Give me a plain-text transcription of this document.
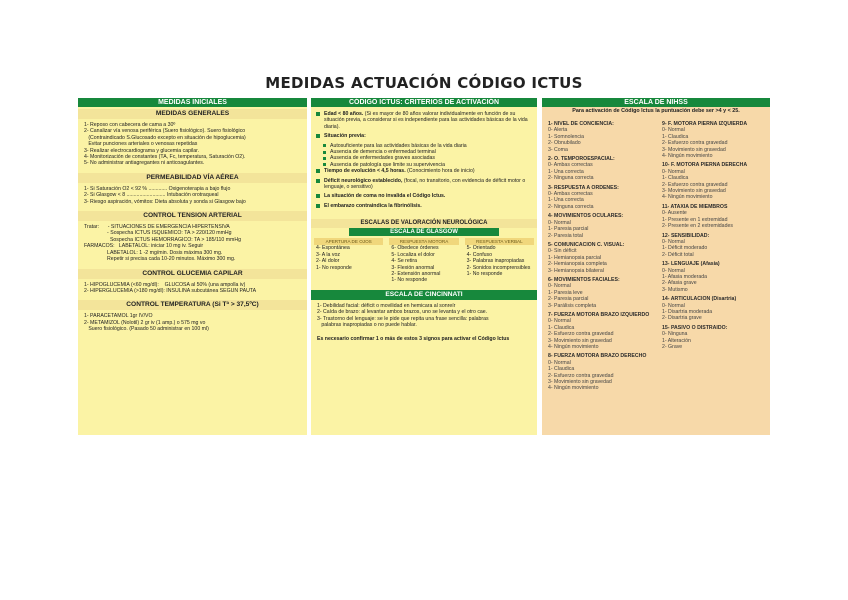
MEDIDAS ACTUACIÓN CÓDIGO ICTUS
MEDIDAS INICIALES
MEDIDAS GENERALES
1- Reposo con cabecera de cama a 30º
2- Canalizar vía venosa periférica (Suero fisiológico). Suero fisiológico
(Contraindicado S.Glucosado excepto en situación de hipoglucemia)
Evitar punciones arteriales o venosas repetidas
3- Realizar electrocardiograma y glucemia capilar.
4- Monitorización de constantes (TA, Fc, temperatura, Saturación O2).
5- No administrar antiagregantes ni anticoagulantes.
PERMEABILIDAD VÍA AÉREA
1- Si Saturación O2 < 92 % ............. Oxigenoterapia a bajo flujo
2- Si Glasgow < 8 ........................... Intubación orotraqueal
3- Riesgo aspiración, vómitos: Dieta absoluta y sonda si Glasgow bajo
CONTROL TENSION ARTERIAL
Tratar:      - SITUACIONES DE EMERGENCIA HIPERTENSIVA
- Sospecha ICTUS ISQUEMICO: TA > 220/120 mmHg
Sospecha ICTUS HEMORRAGICO: TA > 185/110 mmHg
FARMACOS:   LABETALOL: iniciar 10 mg iv. Seguir
LABETALOL: 1 -2 mg/min. Dosis máxima 300 mg.
Repetir si precisa cada 10-20 minutos. Máximo 300 mg.
CONTROL GLUCEMIA CAPILAR
1- HIPOGLUCEMIA (<60 mg/dl):    GLUCOSA al 50% (una ampolla iv)
2- HIPERGLUCEMIA (>180 mg/dl): INSULINA subcutánea SEGÚN PAUTA
CONTROL TEMPERATURA (Si Tª > 37,5ºC)
1- PARACETAMOL 1gr IV/VO
2- METAMIZOL (Nolotil) 2 gr iv (1 amp.) o 575 mg vo
Suero fisiológico. (Pasado 50 administrar en 100 ml)
CÓDIGO ICTUS: CRITERIOS DE ACTIVACIÓN
Edad < 80 años. (Si es mayor de 80 años valorar individualmente en función de su situación previa, a considerar si es independiente para las actividades básicas de la vida diaria).
Situación previa:
Autosuficiente para las actividades básicas de la vida diaria
Ausencia de demencia o enfermedad terminal
Ausencia de enfermedades graves asociadas
Ausencia de patología que limite su supervivencia
Tiempo de evolución < 4,5 horas. (Conocimiento hora de inicio)
Déficit neurológico establecido, (focal, no transitorio, con evidencia de déficit motor o lenguaje, o sensitivo)
La situación de coma no invalida el Código Ictus.
El embarazo contraindica la fibrinólisis.
ESCALAS DE VALORACIÓN NEUROLÓGICA
ESCALA DE GLASGOW
APERTURA DE OJOS
4- Espontánea
3- A la voz
2- Al dolor
1- No responde
RESPUESTA MOTORA
6- Obedece órdenes
5- Localiza el dolor
4- Se retira
3- Flexión anormal
2- Extensión anormal
1- No responde
RESPUESTA VERBAL
5- Orientado
4- Confuso
3- Palabras inapropiadas
2- Sonidos incomprensibles
1- No responde
ESCALA DE CINCINNATI
1- Debilidad facial: déficit o movilidad en hemicara al sonreír
2- Caída de brazo: al levantar ambos brazos, uno se levanta y el otro cae.
3- Trastorno del lenguaje: se le pide que repita una frase sencilla: palabras
palabras inapropiadas o no puede hablar.
Es necesario confirmar 1 o más de estos 3 signos para activar el Código Ictus
ESCALA DE NIHSS
Para activación de Código Ictus la puntuación debe ser >4 y < 25.
1- NIVEL DE CONCIENCIA:
0- Alerta
1- Somnolencia
2- Obnubilado
3- Coma
2- O. TEMPOROESPACIAL:
0- Ambas correctas
1- Una correcta
2- Ninguna correcta
3- RESPUESTA A ÓRDENES:
0- Ambas correctas
1- Una correcta
2- Ninguna correcta
4- MOVIMIENTOS OCULARES:
0- Normal
1- Paresia parcial
2- Paresia total
5- COMUNICACIÓN C. VISUAL:
0- Sin déficit
1- Hemianopsia parcial
2- Hemianopsia completa
3- Hemianopsia bilateral
6- MOVIMIENTOS FACIALES:
0- Normal
1- Paresia leve
2- Paresia parcial
3- Parálisis completa
7- FUERZA MOTORA BRAZO IZQUIERDO
0- Normal
1- Claudica
2- Esfuerzo contra gravedad
3- Movimiento sin gravedad
4- Ningún movimiento
8- FUERZA MOTORA BRAZO DERECHO
0- Normal
1- Claudica
2- Esfuerzo contra gravedad
3- Movimiento sin gravedad
4- Ningún movimiento
9- F. MOTORA PIERNA IZQUIERDA
0- Normal
1- Claudica
2- Esfuerzo contra gravedad
3- Movimiento sin gravedad
4- Ningún movimiento
10- F. MOTORA PIERNA DERECHA
0- Normal
1- Claudica
2- Esfuerzo contra gravedad
3- Movimiento sin gravedad
4- Ningún movimiento
11- ATAXIA DE MIEMBROS
0- Ausente
1- Presente en 1 extremidad
2- Presente en 2 extremidades
12- SENSIBILIDAD:
0- Normal
1- Déficit moderado
2- Déficit total
13- LENGUAJE (Afasia)
0- Normal
1- Afasia moderada
2- Afasia grave
3- Mutismo
14- ARTICULACIÓN (Disartria)
0- Normal
1- Disartria moderada
2- Disartria grave
15- PASIVO O DISTRAIDO:
0- Ninguna
1- Alteración
2- Grave
